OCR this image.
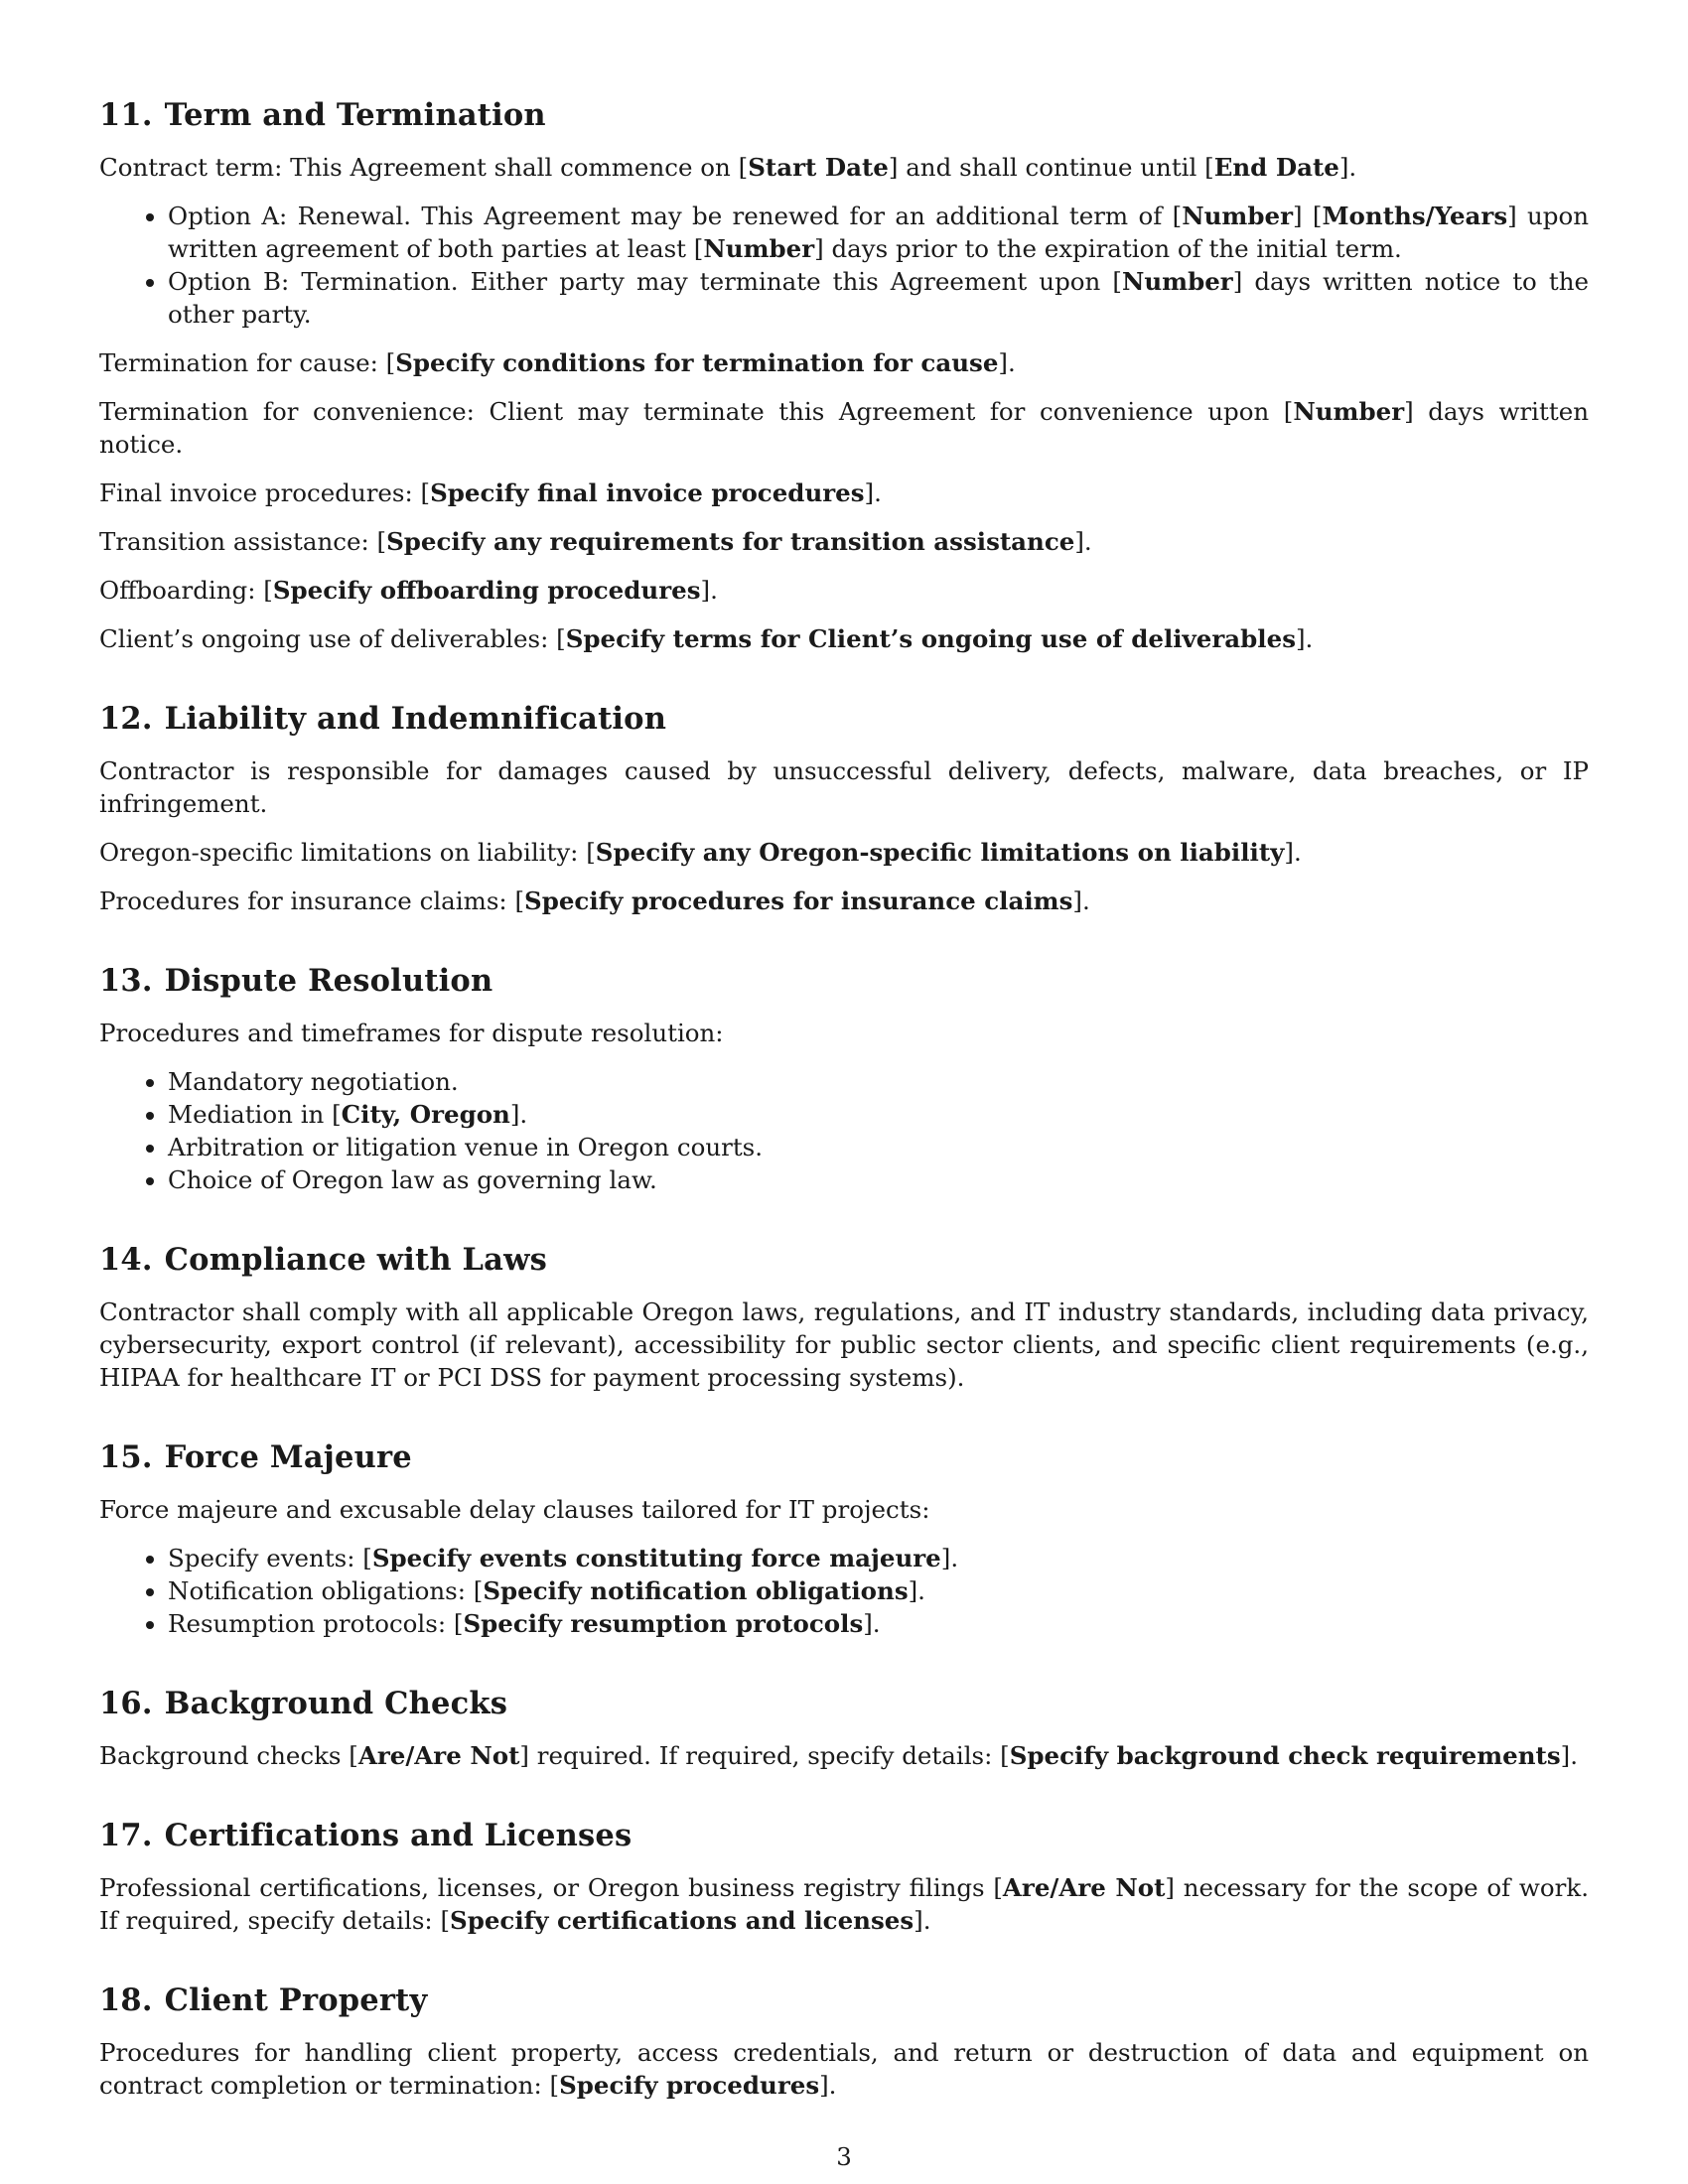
11. Term and Termination

Contract term: This Agreement shall commence on [Start Date] and shall continue until [End Date].

• Option A: Renewal. This Agreement may be renewed for an additional term of [Number] [Months/Years] upon written agreement of both parties at least [Number] days prior to the expiration of the initial term.
• Option B: Termination. Either party may terminate this Agreement upon [Number] days written notice to the other party.

Termination for cause: [Specify conditions for termination for cause].

Termination for convenience: Client may terminate this Agreement for convenience upon [Number] days written notice.

Final invoice procedures: [Specify final invoice procedures].

Transition assistance: [Specify any requirements for transition assistance].

Offboarding: [Specify offboarding procedures].

Client’s ongoing use of deliverables: [Specify terms for Client’s ongoing use of deliverables].

12. Liability and Indemnification

Contractor is responsible for damages caused by unsuccessful delivery, defects, malware, data breaches, or IP infringement.

Oregon-specific limitations on liability: [Specify any Oregon-specific limitations on liability].

Procedures for insurance claims: [Specify procedures for insurance claims].

13. Dispute Resolution

Procedures and timeframes for dispute resolution:

• Mandatory negotiation.
• Mediation in [City, Oregon].
• Arbitration or litigation venue in Oregon courts.
• Choice of Oregon law as governing law.
14. Compliance with Laws

Contractor shall comply with all applicable Oregon laws, regulations, and IT industry standards, including data privacy, cybersecurity, export control (if relevant), accessibility for public sector clients, and specific client requirements (e.g., HIPAA for healthcare IT or PCI DSS for payment processing systems).

15. Force Majeure

Force majeure and excusable delay clauses tailored for IT projects:

• Specify events: [Specify events constituting force majeure].
• Notification obligations: [Specify notification obligations].
• Resumption protocols: [Specify resumption protocols].
16. Background Checks

Background checks [Are/Are Not] required. If required, specify details: [Specify background check requirements].

17. Certifications and Licenses

Professional certifications, licenses, or Oregon business registry filings [Are/Are Not] necessary for the scope of work. If required, specify details: [Specify certifications and licenses].

18. Client Property

Procedures for handling client property, access credentials, and return or destruction of data and equipment on contract completion or termination: [Specify procedures].

3
